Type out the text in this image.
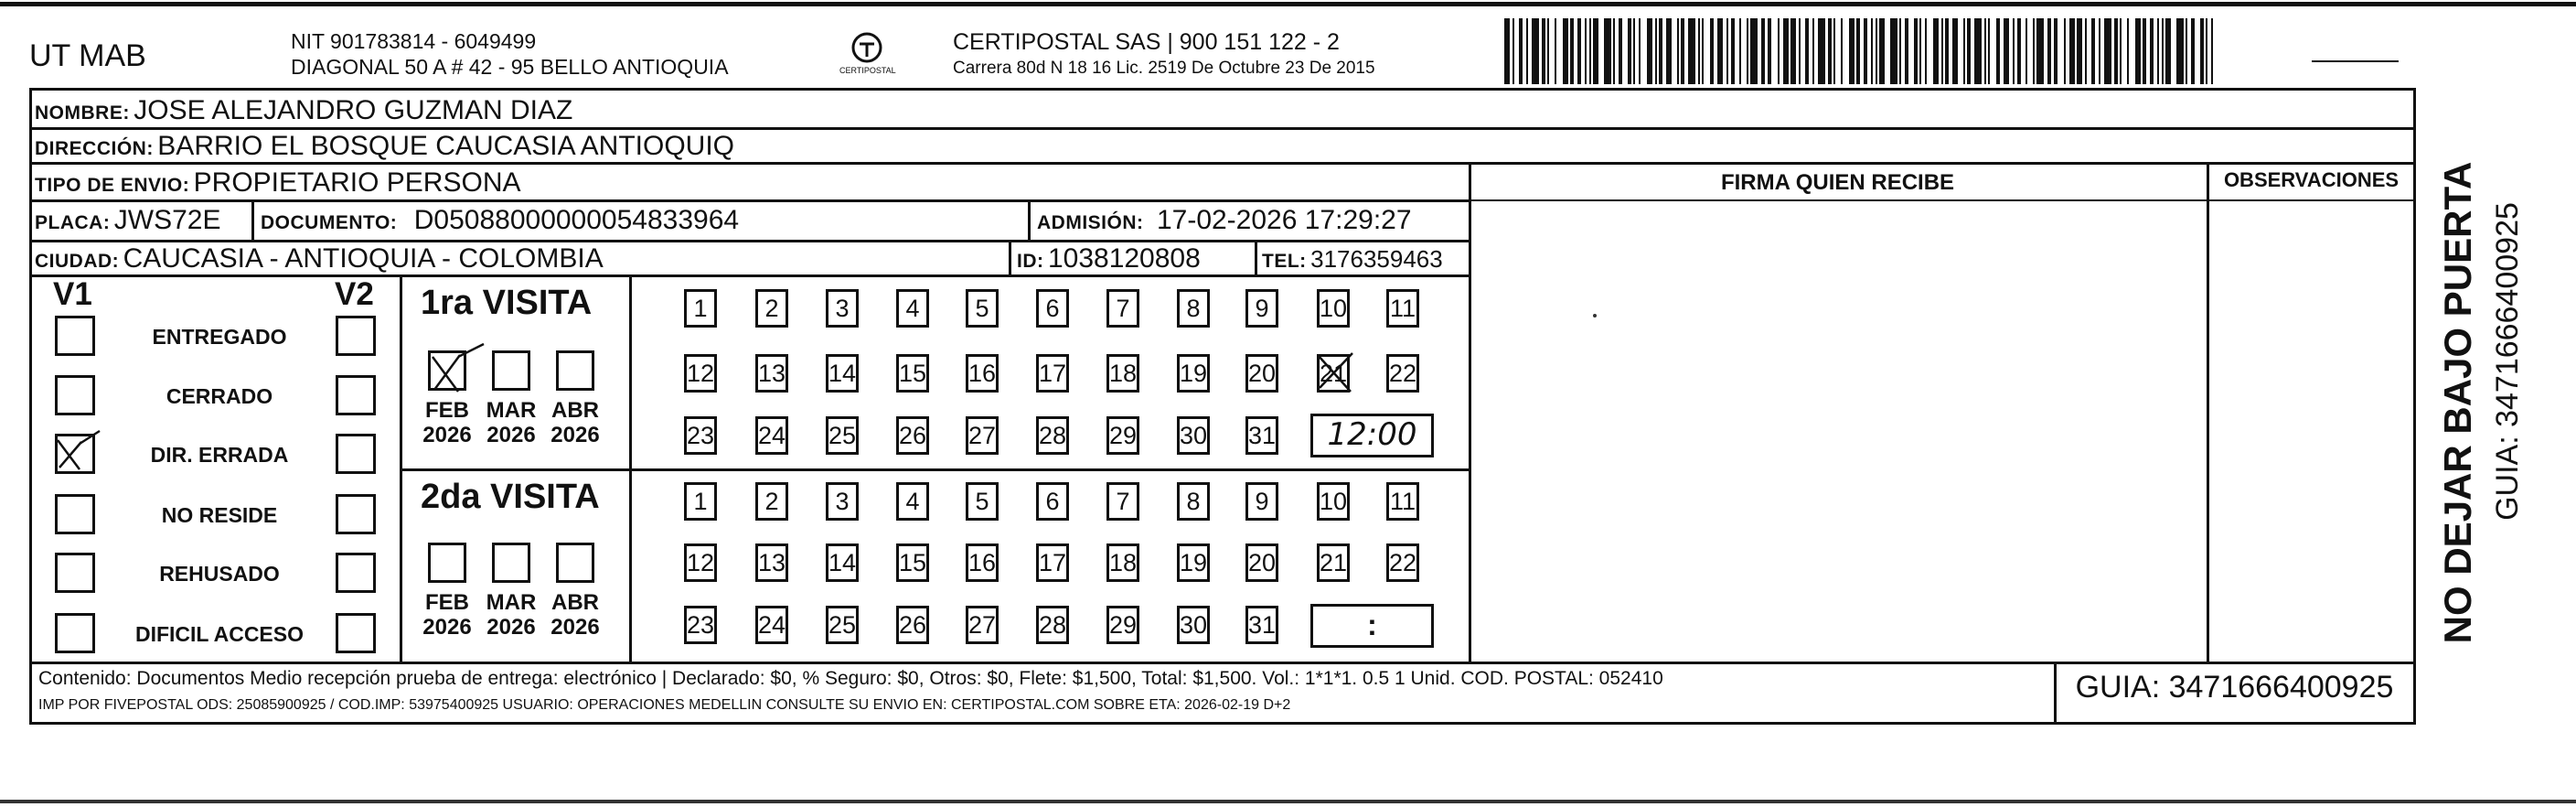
UT MAB	NIT 901783814 - 6049499
DIAGONAL 50 A # 42 - 95 BELLO ANTIOQUIA	CERTIPOSTAL
CERTIPOSTAL SAS | 900 151 122 - 2
Carrera 80d N 18 16 Lic. 2519 De Octubre 23 De 2015
NOMBRE: JOSE ALEJANDRO GUZMAN DIAZ
DIRECCIÓN: BARRIO EL BOSQUE CAUCASIA ANTIOQUIQ
TIPO DE ENVIO: PROPIETARIO PERSONA
PLACA: JWS72E DOCUMENTO: D05088000000054833964	ADMISIÓN: 17-02-2026 17:29:27
CIUDAD: CAUCASIA - ANTIOQUIA - COLOMBIA	ID: 1038120808	TEL: 3176359463
FIRMA QUIEN RECIBE	OBSERVACIONES
V1	V2
ENTREGADO
CERRADO
DIR. ERRADA
NO RESIDE
REHUSADO
DIFICIL ACCESO
1ra VISITA
FEB
2026
MAR
2026
ABR
2026
1	2	3	4	5	6	7	8	9	10 11
12 13 14 15 16 17 18 19 20 21 22
23 24 25 26 27 28 29 30 31	12:00
2da VISITA
FEB
2026
MAR
2026
ABR
2026
1	2	3	4	5	6	7	8	9	10 11
12 13 14 15 16 17 18 19 20 21 22
23 24 25 26 27 28 29 30 31	:
Contenido: Documentos Medio recepción prueba de entrega: electrónico | Declarado: $0, % Seguro: $0, Otros: $0, Flete: $1,500, Total: $1,500. Vol.: 1*1*1. 0.5 1 Unid. COD. POSTAL: 052410
IMP POR FIVEPOSTAL ODS: 25085900925 / COD.IMP: 53975400925 USUARIO: OPERACIONES MEDELLIN CONSULTE SU ENVIO EN: CERTIPOSTAL.COM SOBRE ETA: 2026-02-19 D+2
GUIA: 3471666400925
NO DEJAR BAJO PUERTA GUIA: 3471666400925
